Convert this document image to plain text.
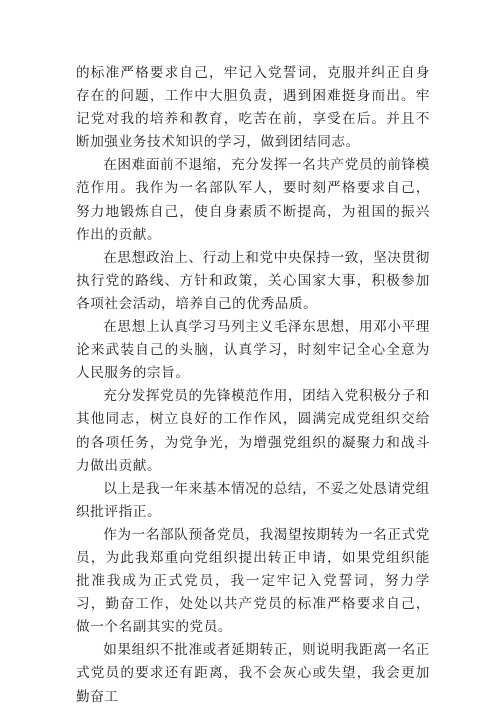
的标准严格要求自己，牢记入党誓词，克服并纠正自身存在的问题，工作中大胆负责，遇到困难挺身而出。牢记党对我的培养和教育，吃苦在前，享受在后。并且不断加强业务技术知识的学习，做到团结同志。

在困难面前不退缩，充分发挥一名共产党员的前锋模范作用。我作为一名部队军人，要时刻严格要求自己，努力地锻炼自己，使自身素质不断提高，为祖国的振兴作出的贡献。

在思想政治上、行动上和党中央保持一致，坚决贯彻执行党的路线、方针和政策，关心国家大事，积极参加各项社会活动，培养自己的优秀品质。

在思想上认真学习马列主义毛泽东思想，用邓小平理论来武装自己的头脑，认真学习，时刻牢记全心全意为人民服务的宗旨。

充分发挥党员的先锋模范作用，团结入党积极分子和其他同志，树立良好的工作作风，圆满完成党组织交给的各项任务，为党争光，为增强党组织的凝聚力和战斗力做出贡献。

以上是我一年来基本情况的总结，不妥之处恳请党组织批评指正。

作为一名部队预备党员，我渴望按期转为一名正式党员，为此我郑重向党组织提出转正申请，如果党组织能批准我成为正式党员，我一定牢记入党誓词，努力学习，勤奋工作，处处以共产党员的标准严格要求自己，做一个名副其实的党员。

如果组织不批准或者延期转正，则说明我距离一名正式党员的要求还有距离，我不会灰心或失望，我会更加勤奋工
